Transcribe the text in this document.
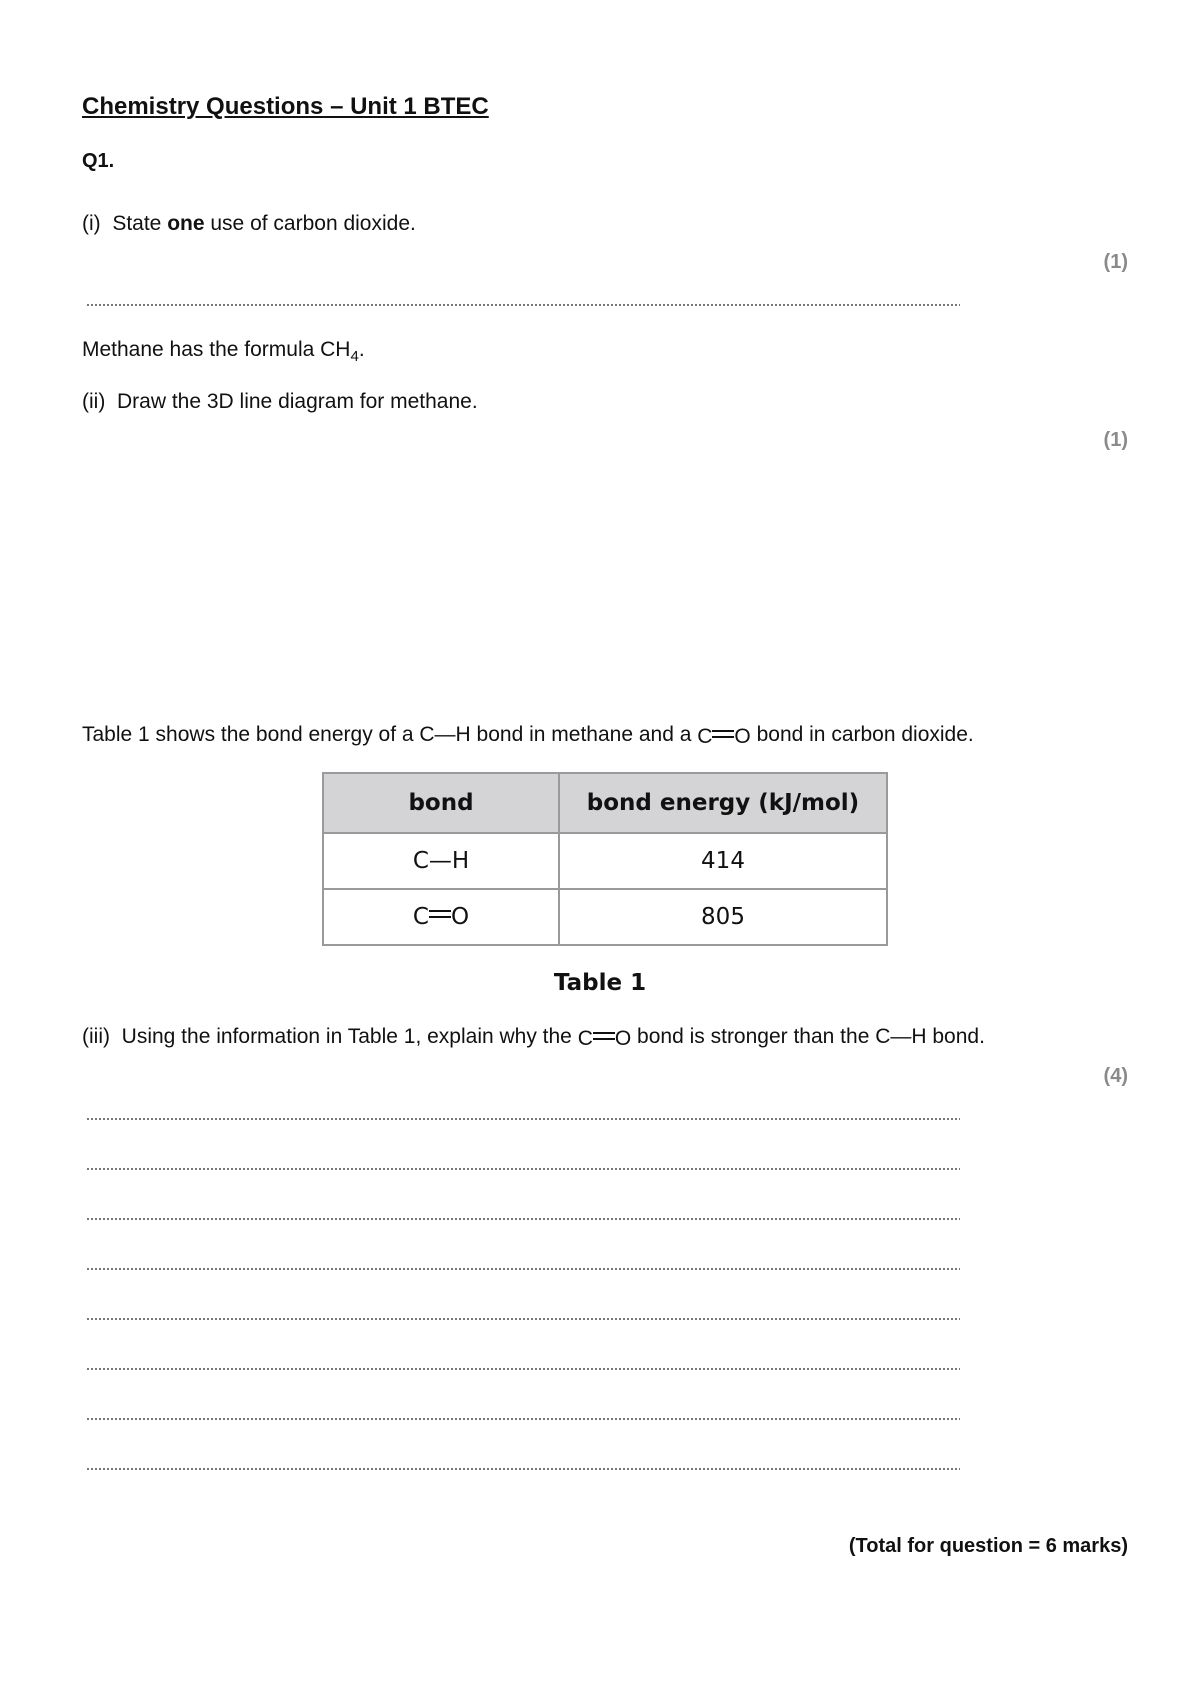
Chemistry Questions – Unit 1 BTEC
Q1.
(i) State one use of carbon dioxide.
(1)
Methane has the formula $CH_4$.
(ii) Draw the 3D line diagram for methane.
(1)
Table 1 shows the bond energy of a C—H bond in methane and a C O bond in carbon dioxide.
bond	bond energy (kJ/mol)
C—H	414
C O	805
Table 1
(iii) Using the information in Table 1, explain why the C O bond is stronger than the C—H bond.
(4)
(Total for question = 6 marks)
